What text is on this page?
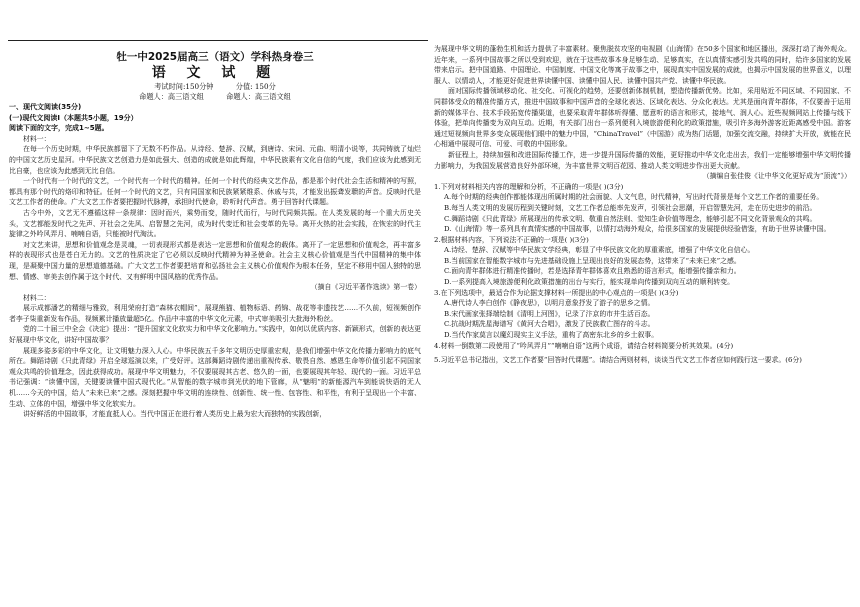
牡一中2025届高三（语文）学科热身卷三
语 文 试 题
考试时间:150分钟	分值: 150分
命题人：高三语文组	命题人：高三语文组

一、现代文阅读(35分)

(一)现代文阅读Ⅰ（本题共5小题，19分）

阅读下面的文字，完成1~5题。

材料一：

在每一个历史时期，中华民族都留下了无数不朽作品。从诗经、楚辞、汉赋，到唐诗、宋词、元曲、明清小说等，共同铸就了灿烂的中国文艺历史星河。中华民族文艺创造力是如此强大、创造的成就是如此辉煌，中华民族素有文化自信的气度，我们应该为此感到无比自豪，也应该为此感到无比自信。

一个时代有一个时代的文艺，一个时代有一个时代的精神。任何一个时代的经典文艺作品，都是那个时代社会生活和精神的写照，都具有那个时代的烙印和特征。任何一个时代的文艺，只有同国家和民族紧紧维系、休戚与共，才能发出振聋发聩的声音。反映时代是文艺工作者的使命。广大文艺工作者要把握时代脉搏，承担时代使命，聆听时代声音。勇于回答时代课题。

古今中外，文艺无不遵循这样一条规律：因时而兴，乘势而变，随时代而行，与时代同频共振。在人类发展的每一个重大历史关头，文艺都能发时代之先声、开社会之先风、启智慧之先河，成为时代变迁和社会变革的先导。离开火热的社会实践，在恢宏的时代主旋律之外吟风弄月、喃喃自语，只能被时代淘汰。

对文艺来讲，思想和价值观念是灵魂，一切表现形式都是表达一定思想和价值观念的载体。离开了一定思想和价值观念，再丰富多样的表现形式也是苍白无力的。文艺的性质决定了它必须以反映时代精神为神圣使命。社会主义核心价值观是当代中国精神的集中体现，是凝聚中国力量的思想道德基础。广大文艺工作者要把培育和弘扬社会主义核心价值观作为根本任务，坚定不移用中国人独特的思想、情感、审美去创作属于这个时代、又有鲜明中国风格的优秀作品。

（摘自《习近平著作选读》第一卷）

材料二：

展示成都潘艺的精细与雅致，利用荣府打造“森林衣帽间”，展现熊猫、植物标语、药锦、战花等非遗技艺……不久前，短视频创作者李子柒重新发布作品，视频累计播放量超5亿。作品中丰富的中华文化元素，中式审美吸引大批海外粉丝。

党的二十届三中全会《决定》提出：“提升国家文化软实力和中华文化影响力。”实践中，如何以优质内容、新颖形式，创新的表达更好展现中华文化，讲好中国故事？

展现多姿多彩的中华文化，让文明魅力深入人心。中华民族五千多年文明历史厚重宏观，是我们增强中华文化传播力影响力的底气所在。舞蹈诗剧《只此青绿》开启全球巡演以来，广受好评。这部舞蹈诗剧传递出重视传承、敬畏自然、感恩生命等价值引起不同国家观众共鸣的价值理念，因此获得成功。展现中华文明魅力，不仅要展现其古老、悠久的一面，也要展现其年轻、现代的一面。习近平总书记强调：“读懂中国，关键要读懂中国式现代化。”从智能的数字城市到光伏的地下管廊，从“魅明”的新能源汽车到能说快语的无人机……今天的中国，给人“未来已来”之感。深刻把握中华文明的连续性、创新性、统一性、包容性、和平性，有利于呈现出一个丰富、生动、立体的中国，增强中华文化软实力。

讲好鲜活的中国故事，才能直抵人心。当代中国正在进行着人类历史上最为宏大而独特的实践创新，

为展现中华文明的蓬勃生机和活力提供了丰富素材。聚焦脱贫攻坚的电视剧《山海情》在50多个国家和地区播出，深深打动了海外观众。近年来，一系列中国故事之所以受到欢迎，就在于这些故事本身足够生动、足够真实，在以真情实感引发共鸣的同时，给许多国家的发展带来启示。把中国道路、中国理论、中国制度、中国文化等寓于故事之中，展现真实中国发展的成就，也揭示中国发展的世界意义，以理服人、以情动人，才能更好促进世界读懂中国、读懂中国人民、读懂中国共产党、读懂中华民族。

面对国际传播领域移动化、社交化、可视化的趋势，还要创新体制机制，塑造传播新优势。比如，采用贴近不同区域、不同国家、不同群体受众的精准传播方式，推进中国故事和中国声音的全球化表达、区域化表达、分众化表达。尤其是面向青年群体，不仅要善于运用新的媒体平台、技术手段拓宽传播渠道，也要采取青年群体听得懂、愿意听的语言和形式，接地气、润人心。近些视频网站上传播与线下体验，把单向传播变为双向互动。近期，有关部门出台一系列便利入境旅游便利化的政策措施，吸引许多海外游客近距离感受中国。游客通过短视频向世界多变众展现他们眼中的魅力中国，“ChinaTravel”（中国游）成为热门话题，加强交流交融，持续扩大开放，就能在民心相通中展现可信、可爱、可敬的中国形象。

新征程上，持续加强和改进国际传播工作，进一步提升国际传播的效能，更好推动中华文化走出去，我们一定能够增强中华文明传播力影响力，为我国发展营造良好外部环境，为丰富世界文明百花园、推动人类文明进步作出更大贡献。

（摘编自张佳俊《让中华文化更好成为“顶流”》）

1.下列对材料相关内容的理解和分析，不正确的一项是( )(3分)

A.每个时期的经典创作都能体现出所属时期的社会面貌、人文气息，时代精神，写出时代背景是每个文艺工作者的重要任务。

B.每当人类文明的发展历程到关键时刻，文艺工作者总能率先发声，引领社会思潮，开启智慧先河，走在历史进步的前沿。

C.舞蹈诗剧《只此青绿》所展现出的传承文明、敬重自然法则、觉知生命价值等理念，能够引起不同文化背景观众的共鸣。

D.《山海情》等一系列具有真情实感的中国故事，以情打动海外观众，给很多国家的发展提供经验借鉴，有助于世界读懂中国。

2.根据材料内容，下列说法不正确的一项是( )(3分)

A.诗经、楚辞、汉赋等中华民族文学经典，彰显了中华民族文化的厚重素底，增强了中华文化自信心。

B.当前国家在智能数字城市与先进基础设施上呈现出良好的发展态势，这带来了“未来已来”之感。

C.面向青年群体进行精准传播时，若是选择青年群体喜欢且熟悉的语言形式，能增强传播亲和力。

D.一系列提高入境旅游便利化政策措施的出台与实行，能实现单向传播到双向互动的顺利转变。

3.在下列选项中，最适合作为论据支撑材料一所提出的中心观点的一项是( )(3分)

A.唐代诗人李白创作《静夜思》，以明月意象抒发了游子的思乡之情。

B.宋代画家张择端绘制《清明上河图》，记录了汴京的市井生活百态。

C.抗战时期冼星海谱写《黄河大合唱》，激发了民族救亡图存的斗志。

D.当代作家莫言以魔幻现实主义手法，重构了高密东北乡的乡土叙事。

4.材料一倒数第二段使用了“吟风弄月”“喃喃自语”这两个成语，请结合材料简要分析其效果。(4分)

5.习近平总书记指出，文艺工作者要“回答时代课题”。请结合两则材料，谈谈当代文艺工作者应如何践行这一要求。(6分)
